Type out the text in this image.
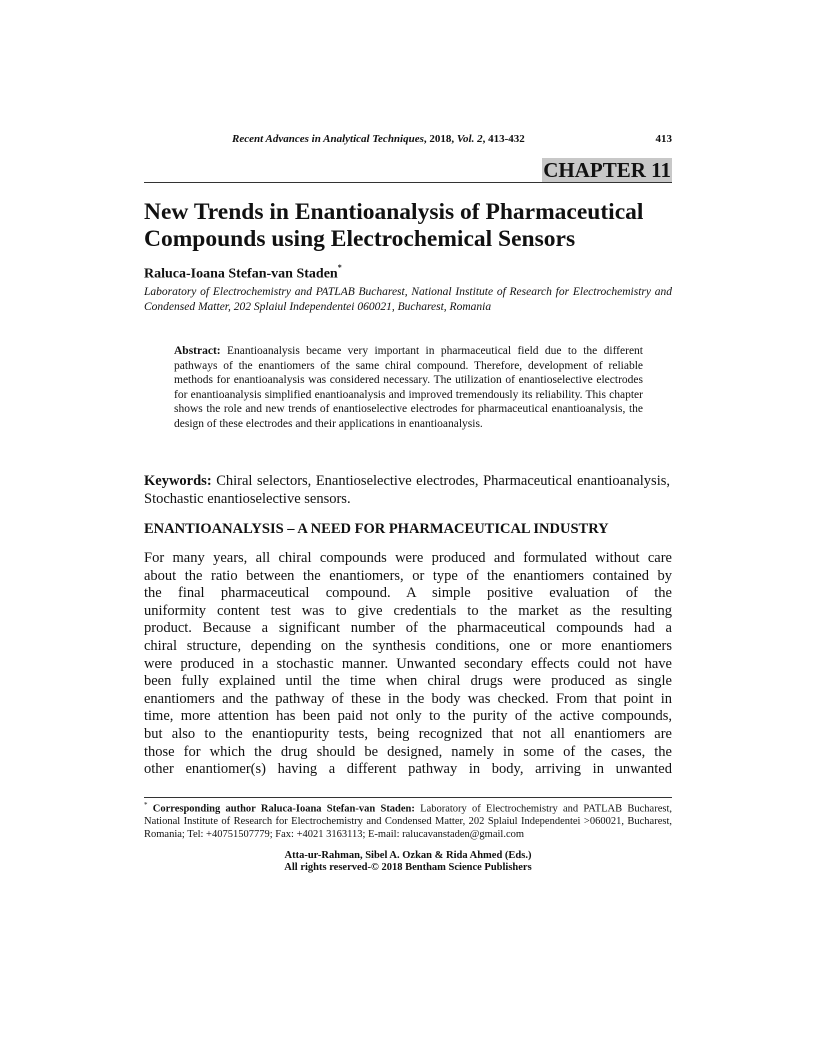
Recent Advances in Analytical Techniques, 2018, Vol. 2, 413-432	413
CHAPTER 11
New Trends in Enantioanalysis of Pharmaceutical
Compounds using Electrochemical Sensors
Raluca-Ioana Stefan-van Staden*
Laboratory of Electrochemistry and PATLAB Bucharest, National Institute of Research for Electrochemistry and Condensed Matter, 202 Splaiul Independentei 060021, Bucharest, Romania
Abstract: Enantioanalysis became very important in pharmaceutical field due to the different pathways of the enantiomers of the same chiral compound. Therefore, development of reliable methods for enantioanalysis was considered necessary. The utilization of enantioselective electrodes for enantioanalysis simplified enantioanalysis and improved tremendously its reliability. This chapter shows the role and new trends of enantioselective electrodes for pharmaceutical enantioanalysis, the design of these electrodes and their applications in enantioanalysis.
Keywords: Chiral selectors, Enantioselective electrodes, Pharmaceutical enantioanalysis, Stochastic enantioselective sensors.
ENANTIOANALYSIS – A NEED FOR PHARMACEUTICAL INDUSTRY
For many years, all chiral compounds were produced and formulated without care
about the ratio between the enantiomers, or type of the enantiomers contained by
the final pharmaceutical compound. A simple positive evaluation of the
uniformity content test was to give credentials to the market as the resulting
product. Because a significant number of the pharmaceutical compounds had a
chiral structure, depending on the synthesis conditions, one or more enantiomers
were produced in a stochastic manner. Unwanted secondary effects could not have
been fully explained until the time when chiral drugs were produced as single
enantiomers and the pathway of these in the body was checked. From that point in
time, more attention has been paid not only to the purity of the active compounds,
but also to the enantiopurity tests, being recognized that not all enantiomers are
those for which the drug should be designed, namely in some of the cases, the
other enantiomer(s) having a different pathway in body, arriving in unwanted
* Corresponding author Raluca-Ioana Stefan-van Staden: Laboratory of Electrochemistry and PATLAB Bucharest, National Institute of Research for Electrochemistry and Condensed Matter, 202 Splaiul Independentei >060021, Bucharest, Romania; Tel: +40751507779; Fax: +4021 3163113; E-mail: ralucavanstaden@gmail.com
Atta-ur-Rahman, Sibel A. Ozkan & Rida Ahmed (Eds.)
All rights reserved-© 2018 Bentham Science Publishers
